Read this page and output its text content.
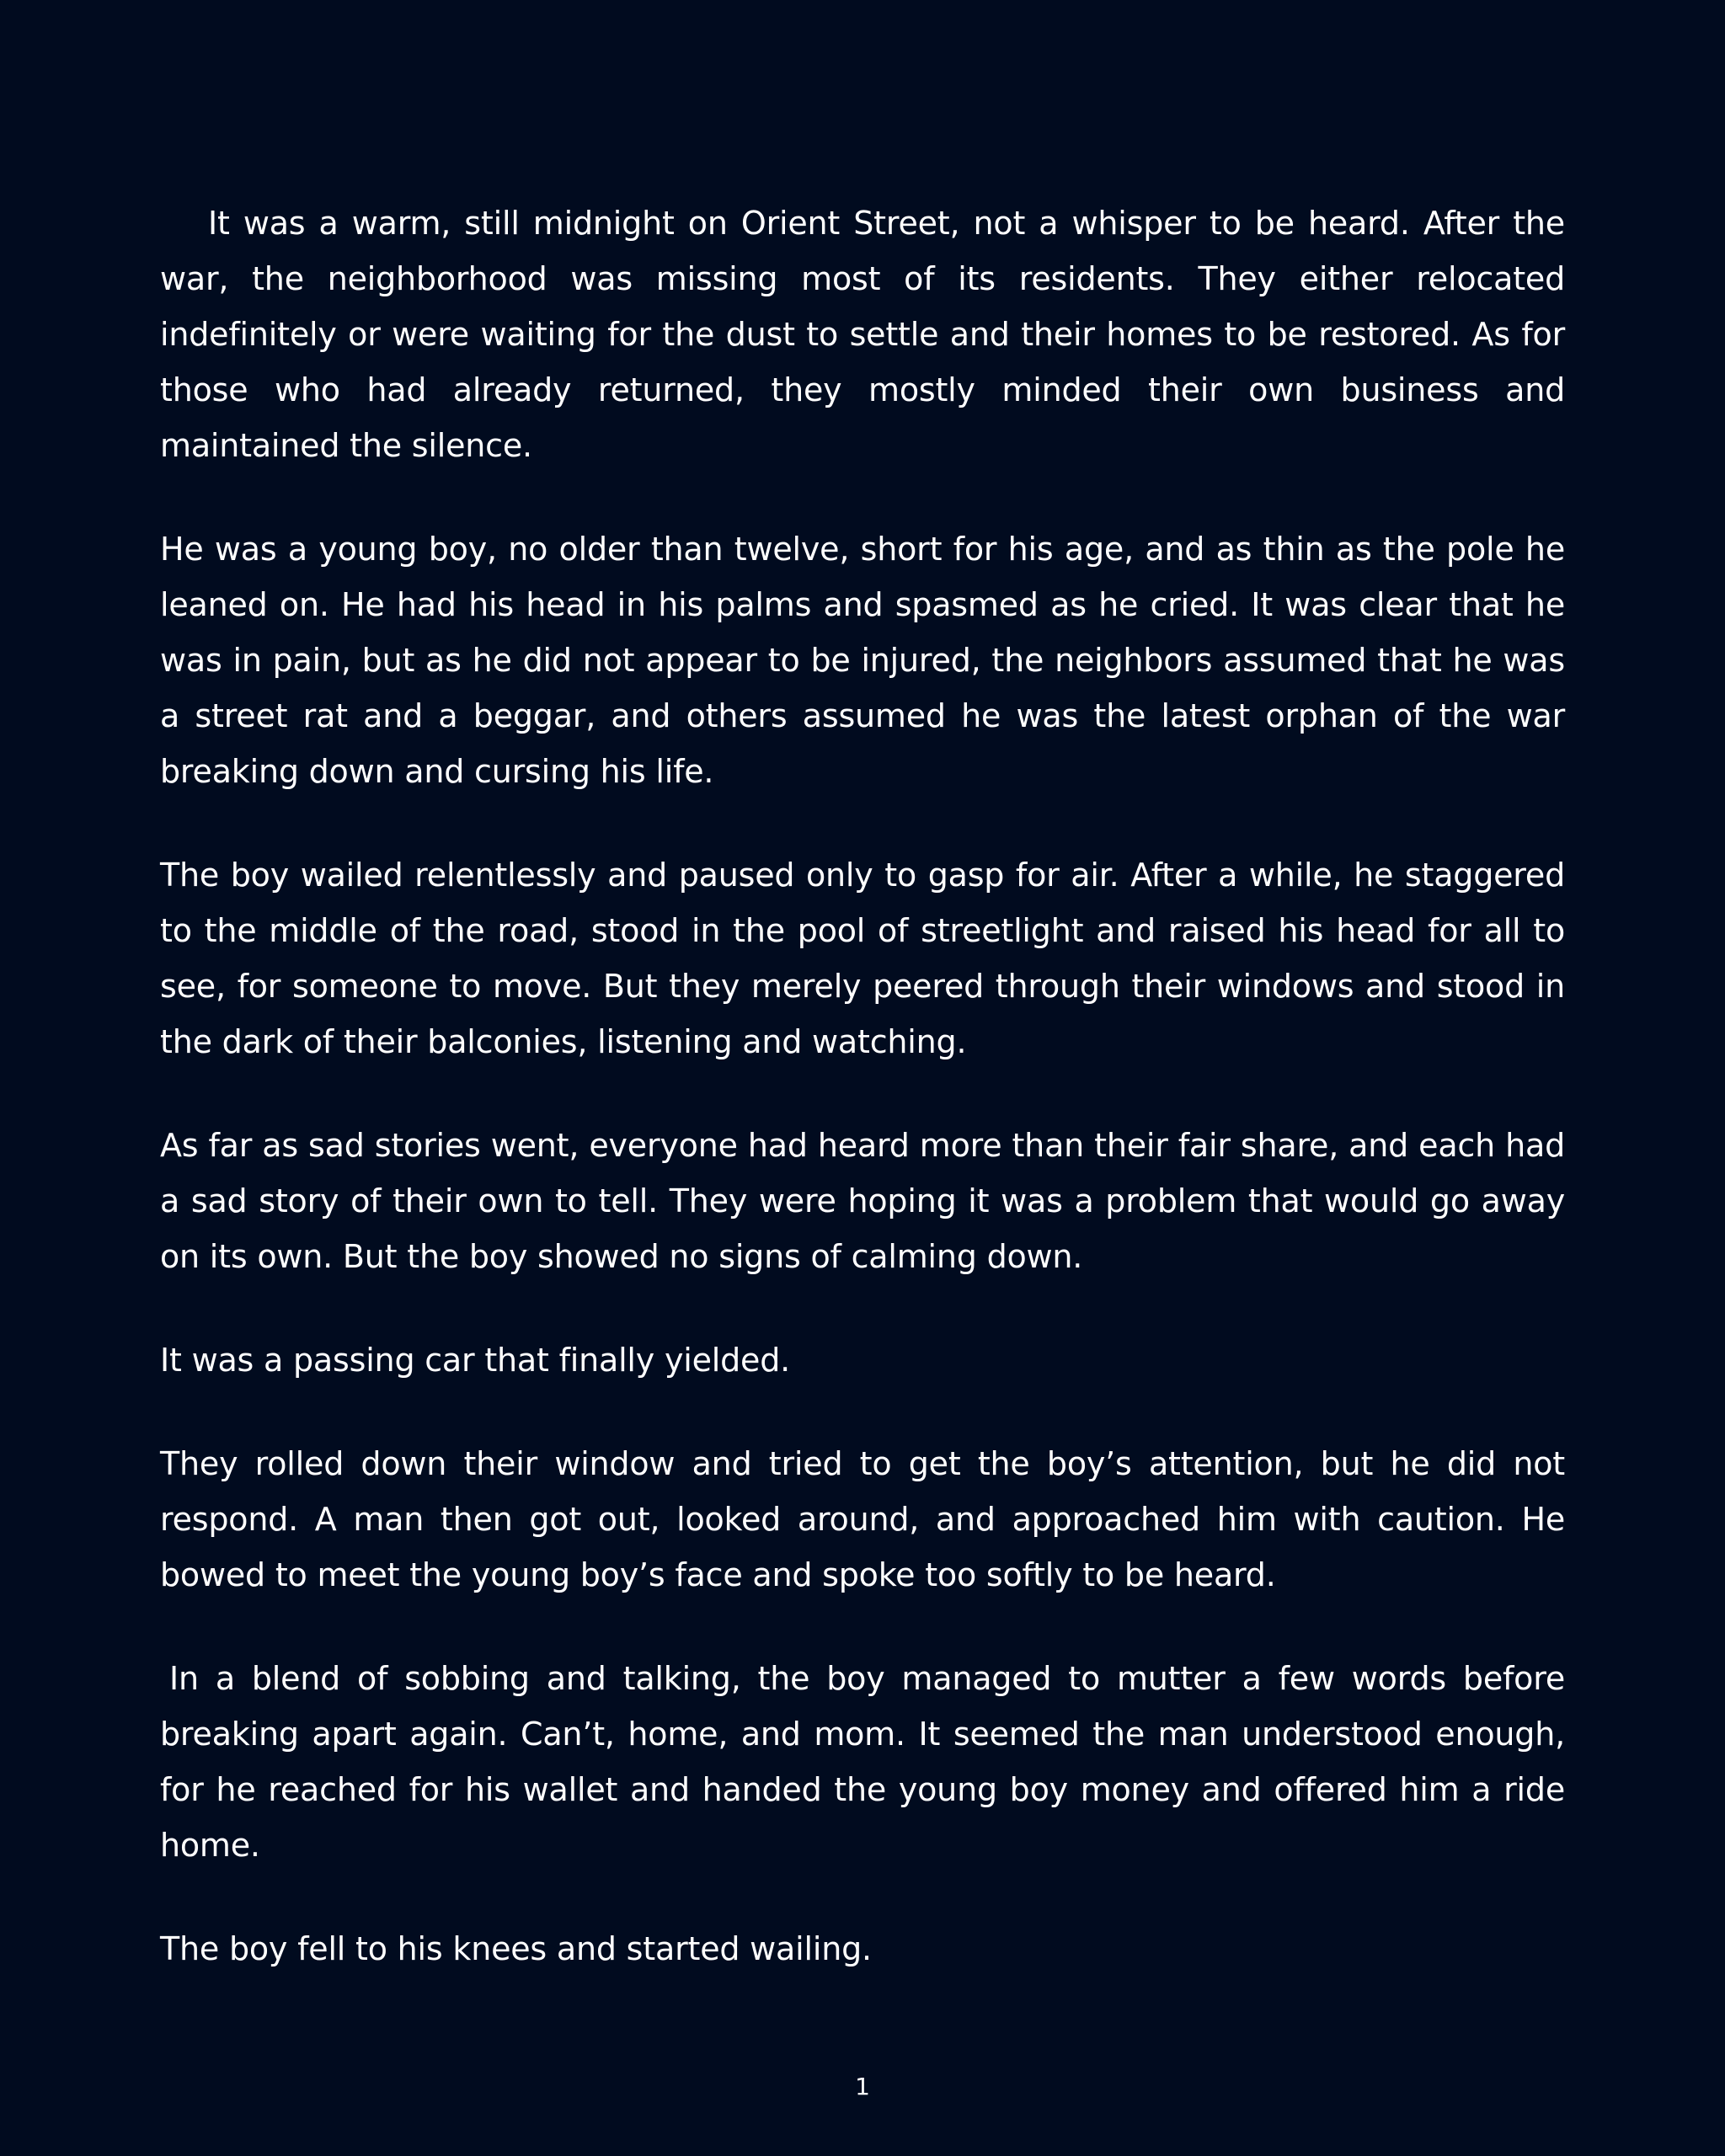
It was a warm, still midnight on Orient Street, not a whisper to be heard. After the war, the neighborhood was missing most of its residents. They either relocated indefinitely or were waiting for the dust to settle and their homes to be restored. As for those who had already returned, they mostly minded their own business and maintained the silence.

He was a young boy, no older than twelve, short for his age, and as thin as the pole he leaned on. He had his head in his palms and spasmed as he cried. It was clear that he was in pain, but as he did not appear to be injured, the neighbors assumed that he was a street rat and a beggar, and others assumed he was the latest orphan of the war breaking down and cursing his life.

The boy wailed relentlessly and paused only to gasp for air. After a while, he staggered to the middle of the road, stood in the pool of streetlight and raised his head for all to see, for someone to move. But they merely peered through their windows and stood in the dark of their balconies, listening and watching.

As far as sad stories went, everyone had heard more than their fair share, and each had a sad story of their own to tell. They were hoping it was a problem that would go away on its own. But the boy showed no signs of calming down.

It was a passing car that finally yielded.

They rolled down their window and tried to get the boy’s attention, but he did not respond. A man then got out, looked around, and approached him with caution. He bowed to meet the young boy’s face and spoke too softly to be heard.

In a blend of sobbing and talking, the boy managed to mutter a few words before breaking apart again. Can’t, home, and mom. It seemed the man understood enough, for he reached for his wallet and handed the young boy money and offered him a ride home.

The boy fell to his knees and started wailing.

1
